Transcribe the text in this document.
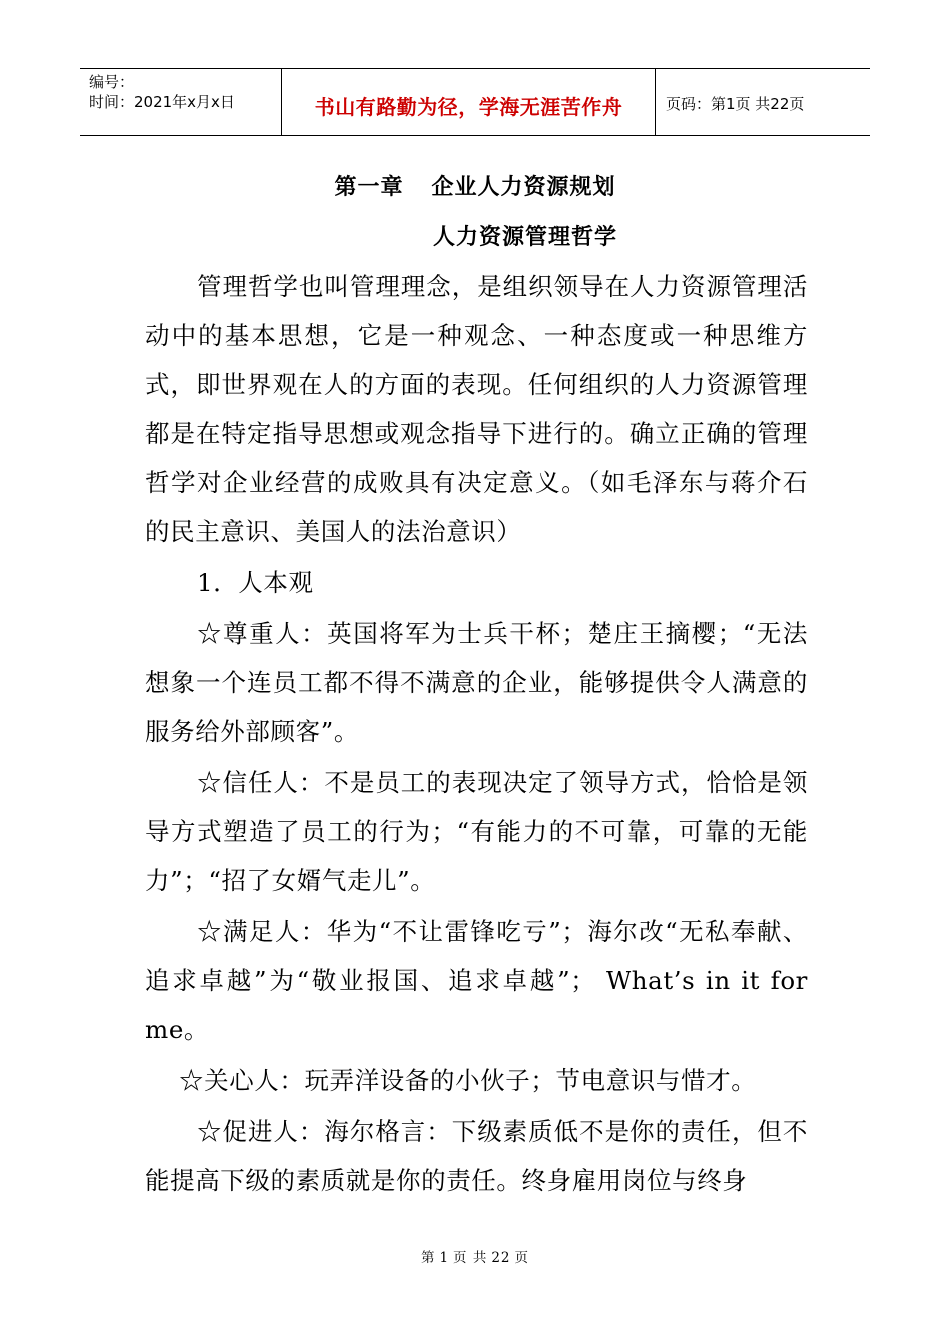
编号：
时间：2021年x月x日	书山有路勤为径，学海无涯苦作舟	页码：第1页 共22页
第一章 企业人力资源规划
人力资源管理哲学

管理哲学也叫管理理念，是组织领导在人力资源管理活动中的基本思想，它是一种观念、一种态度或一种思维方式，即世界观在人的方面的表现。任何组织的人力资源管理都是在特定指导思想或观念指导下进行的。确立正确的管理哲学对企业经营的成败具有决定意义。（如毛泽东与蒋介石的民主意识、美国人的法治意识）

1．人本观

☆尊重人：英国将军为士兵干杯；楚庄王摘樱；“无法想象一个连员工都不得不满意的企业，能够提供令人满意的服务给外部顾客”。

☆信任人：不是员工的表现决定了领导方式，恰恰是领导方式塑造了员工的行为；“有能力的不可靠，可靠的无能力”；“招了女婿气走儿”。

☆满足人：华为“不让雷锋吃亏”；海尔改“无私奉献、追求卓越”为“敬业报国、追求卓越”； What’s in it for me。

☆关心人：玩弄洋设备的小伙子；节电意识与惜才。

☆促进人：海尔格言：下级素质低不是你的责任，但不能提高下级的素质就是你的责任。终身雇用岗位与终身

第 1 页 共 22 页
